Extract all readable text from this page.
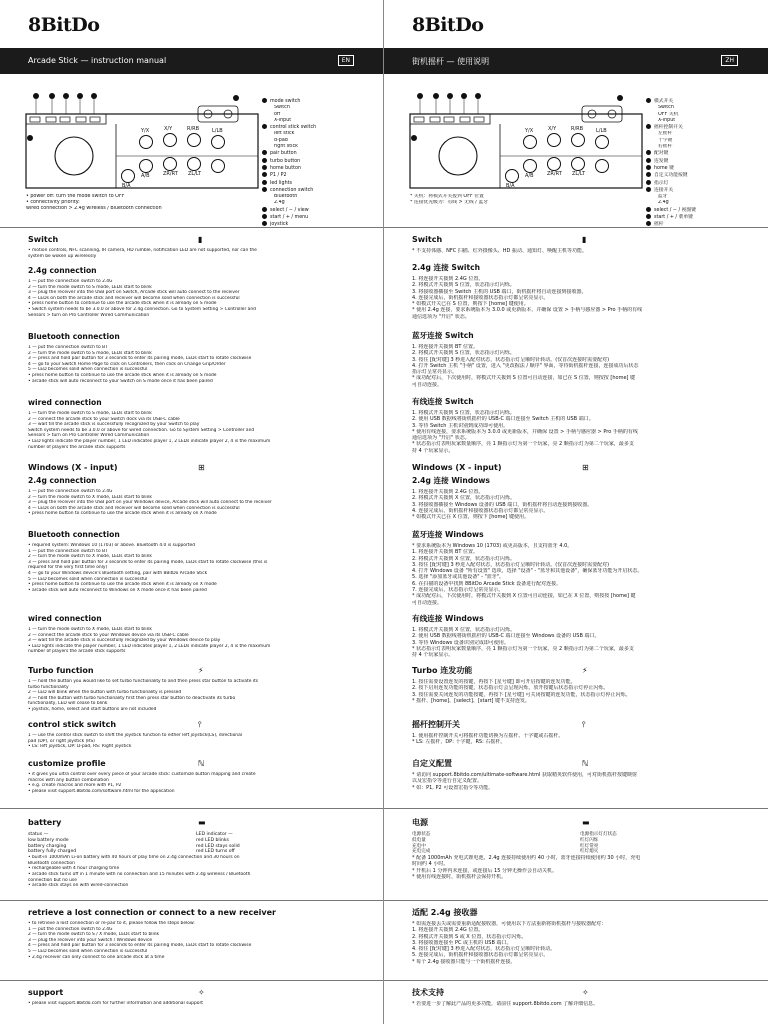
8BitDo
Arcade Stick — instruction manual	EN
Y/X	X/Y	R/RB	L/LB
A/B	ZR/RT ZL/LT
B/A
mode switch
Switch
off
X-input
control stick switch
left stick
d-pad
right stick
pair button
turbo button
home button
P1 / P2
led lights
connection switch
Bluetooth
2.4g
select / − / view
start / + / menu
joystick
• power off: turn the mode switch to OFF
• connectivity priority:
wired connection > 2.4g wireless / Bluetooth connection
Switch	▮
• motion controls, NFC scanning, IR camera, HD rumble, notification LED are not supported, nor can the
system be woken up wirelessly
2.4g connection
1 — put the connection switch to 2.4G
2 — turn the mode switch to S mode, LEDs start to blink
3 — plug the receiver into the USB port on Switch, Arcade stick will auto connect to the receiver
4 — LEDs on both the arcade stick and receiver will become solid when connection is successful
• press home button to continue to use the arcade stick when it is already on S mode
• Switch system needs to be 3.0.0 or above for 2.4g connection. Go to System Setting > Controller and
Sensors > turn on Pro Controller Wired Communication
Bluetooth connection
1 — put the connection switch to BT
2 — turn the mode switch to S mode, LEDs start to blink
3 — press and hold pair button for 3 seconds to enter its pairing mode, LEDs start to rotate clockwise
4 — go to your Switch Home Page to click on Controllers, then click on Change Grip/Order
5 — LED becomes solid when connection is successful
• press home button to continue to use the arcade stick when it is already on S mode
• arcade stick will auto reconnect to your Switch on S mode once it has been paired
wired connection
1 — turn the mode switch to S mode, LEDs start to blink
2 — connect the arcade stick to your Switch dock via its USB-C cable
3 — wait till the arcade stick is successfully recognized by your Switch to play
Switch system needs to be 3.0.0 or above for wired connection. Go to System Setting > Controller and
Sensors > turn on Pro Controller Wired Communication
• LED lights indicate the player number, 1 LED indicates player 1, 2 LEDs indicate player 2, 4 is the maximum
number of players the arcade stick supports
Windows (X - input)	⊞
2.4g connection
1 — put the connection switch to 2.4G
2 — turn the mode switch to X mode, LEDs start to blink
3 — plug the receiver into the USB port on your Windows device, Arcade stick will auto connect to the receiver
4 — LEDs on both the arcade stick and receiver will become solid when connection is successful
• press home button to continue to use the arcade stick when it is already on X mode
Bluetooth connection
• required system: Windows 10 (1703) or above. Bluetooth 4.0 is supported
1 — put the connection switch to BT
2 — turn the mode switch to X mode, LEDs start to blink
3 — press and hold pair button for 3 seconds to enter its pairing mode, LEDs start to rotate clockwise (this is
required for the very first time only)
4 — go to your Windows device's Bluetooth setting, pair with 8BitDo Arcade Stick
5 — LED becomes solid when connection is successful
• press home button to continue to use the arcade stick when it is already on X mode
• arcade stick will auto reconnect to Windows on X mode once it has been paired
wired connection
1 — turn the mode switch to X mode, LEDs start to blink
2 — connect the arcade stick to your Windows device via its USB-C cable
3 — wait till the arcade stick is successfully recognized by your Windows device to play
• LED lights indicate the player number, 1 LED indicates player 1, 2 LEDs indicate player 2, 4 is the maximum
number of players the arcade stick supports
Turbo function	⚡
1 — hold the button you would like to set turbo functionality to and then press star button to activate its
turbo functionality
2 — LED will blink when the button with turbo functionality is pressed
3 — hold the button with turbo functionality first then press star button to deactivate its turbo
functionality, LED will cease to blink
• joystick, home, select and start buttons are not included
control stick switch	⫯
1 — use the control stick switch to shift the joystick function to either left joystick(LS), directional
pad (DP), or right joystick (RS)
• LS: left joystick, DP: D-pad, RS: Right joystick
customize profile	ℕ
• it gives you ultra control over every piece of your arcade stick: customize button mapping and create
macros with any button combination
• e.g. create macros and more with P1, P2
• please visit support.8bitdo.com/software.html for the application
retrieve a lost connection or connect to a new receiver
• to retrieve a lost connection or re-pair to it, please follow the steps below:
1 — put the connection switch to 2.4G
2 — turn the mode switch to S / X mode, LEDs start to blink
3 — plug the receiver into your Switch / Windows device
4 — press and hold pair button for 3 seconds to enter its pairing mode, LEDs start to rotate clockwise
5 — LED becomes solid when connection is successful
• 2.4g receiver can only connect to one arcade stick at a time
support	✧
• please visit support.8bitdo.com for further information and additional support
battery	▬
status —	LED indicator —
low battery mode	red LED blinks
battery charging	red LED stays solid
battery fully charged	red LED turns off
• built-in 1000mAh Li-on battery with 40 hours of play time on 2.4g connection and 30 hours on
Bluetooth connection
• rechargeable with 4 hour charging time
• arcade stick turns off in 1 minute with no connection and 15 minutes with 2.4g wireless / Bluetooth
connection but no use
• arcade stick stays on with wired-connection
8BitDo
街机摇杆 — 使用说明	ZH
Y/X	X/Y	R/RB	L/LB
A/B	ZR/RT ZL/LT
B/A
模式开关
Switch
OFF 关机
X-input
摇杆控制开关
左摇杆
十字键
右摇杆
配对键
连发键
home 键
自定义功能按键
指示灯
连接开关
蓝牙
2.4g
select / − / 视图键
start / + / 菜单键
摇杆
* 关机：将模式开关拨到 OFF 位置
* 连接优先级为：有线 > 无线 / 蓝牙
Switch	▮
* 不支持体感、NFC 扫描、红外摄像头、HD 振动、通知灯、唤醒主机等功能。
2.4g 连接 Switch
1. 将连接开关拨到 2.4G 位置。
2. 将模式开关拨到 S 位置，状态指示灯闪烁。
3. 将接收器插接至 Switch 主机的 USB 端口，街机摇杆将自动连接到接收器。
4. 连接完成后，街机摇杆和接收器状态指示灯都呈常亮显示。
* 如模式开关已在 S 位置，则按下 [home] 键使用。
* 使用 2.4g 连接，要求系统版本为 3.0.0 或更新版本，并确保 设置 > 手柄与感应器 > Pro 手柄的有线
通信选项为 "开启" 状态。
蓝牙连接 Switch
1. 将连接开关拨到 BT 位置。
2. 将模式开关拨到 S 位置，状态指示灯闪烁。
3. 按住 [配对键] 3 秒进入配对状态，状态指示灯呈顺时针转动。(仅首次连接时需要配对)
4. 打开 Switch 主机 "手柄" 设置，进入 "更改握法 / 顺序" 界面，等待街机摇杆连接，连接成功后状态
指示灯呈常亮显示。
* 成功配对后，下次使用时，将模式开关拨到 S 位置可自动连接，如已在 S 位置，则按按 [home] 键
可自动连接。
有线连接 Switch
1. 将模式开关拨到 S 位置，状态指示灯闪烁。
2. 使用 USB 数据线将街机摇杆的 USB-C 端口连接至 Switch 主机的 USB 端口。
3. 等待 Switch 主机识别到成功即可使用。
* 使用有线连接，要求系统版本为 3.0.0 或更新版本，并确保 设置 > 手柄与感应器 > Pro 手柄的有线
通信选项为 "开启" 状态。
* 状态指示灯表明玩家数量顺序，亮 1 颗指示灯为第一个玩家，亮 2 颗指示灯为第二个玩家，最多支
持 4 个玩家显示。
Windows (X - input)	⊞
2.4g 连接 Windows
1. 将连接开关拨到 2.4G 位置。
2. 将模式开关拨到 X 位置，状态指示灯闪烁。
3. 将接收器插接至 Windows 设备的 USB 端口，街机摇杆将自动连接到接收器。
4. 连接完成后，街机摇杆和接收器状态指示灯都呈常亮显示。
* 如模式开关已在 X 位置，则按下 [home] 键使用。
蓝牙连接 Windows
* 要求系统版本为 Windows 10 (1703) 或更高版本，且支持蓝牙 4.0。
1. 将连接开关拨到 BT 位置。
2. 将模式开关拨到 X 位置，状态指示灯闪烁。
3. 按住 [配对键] 3 秒进入配对状态，状态指示灯呈顺时针转动。(仅首次连接时需要配对)
4. 打开 Windows 设备 "所有设置" 选项，选择 "设备" - "蓝牙和其他设备"，确保蓝牙功能为开启状态。
5. 选择 "添加蓝牙或其他设备" - "蓝牙"。
6. 在扫描的设备中找到 8BitDo Arcade Stick 设备进行配对连接。
7. 连接完成后，状态指示灯呈常亮显示。
* 成功配对后，下次使用时，将模式开关拨到 X 位置可自动连接，如已在 X 位置，则按按 [home] 键
可自动连接。
有线连接 Windows
1. 将模式开关拨到 X 位置，状态指示灯闪烁。
2. 使用 USB 数据线将街机摇杆的 USB-C 端口连接至 Windows 设备的 USB 端口。
3. 等待 Windows 设备识别完成即可使用。
* 状态指示灯表明玩家数量顺序，亮 1 颗指示灯为第一个玩家，亮 2 颗指示灯为第二个玩家，最多支
持 4 个玩家显示。
Turbo 连发功能	⚡
1. 按住需要设置连发的按键，再按下 [星号键] 即可开启按键的连发功能。
2. 按下启用连发功能的按键，状态指示灯会呈现闪烁，放开按键后状态指示灯停止闪烁。
3. 按住需要关闭连发的功能按键，再按下 [星号键] 可关闭按键的连发功能，状态指示灯停止闪烁。
* 摇杆、[home]、[select]、[start] 键不支持连发。
摇杆控制开关	⫯
1. 使用摇杆控制开关可将摇杆功能切换为左摇杆、十字键或右摇杆。
* LS: 左摇杆，DP: 十字键，RS: 右摇杆。
自定义配置	ℕ
* 请访问 support.8bitdo.com/ultimate-software.html 获取精英软件使用，可对街机摇杆按键映射
以及宏指令等进行自定义配置。
* 如：P1, P2 可设置宏指令等功能。
适配 2.4g 接收器
* 如需连接丢失或需要重新适配接收器，可使用以下方法重新将街机摇杆与接收器配对：
1. 将连接开关拨到 2.4G 位置。
2. 将模式开关拨到 S 或 X 位置，状态指示灯闪烁。
3. 将接收器连接至 PC 或主机的 USB 端口。
4. 按住 [配对键] 3 秒进入配对状态，状态指示灯呈顺时针转动。
5. 连接完成后，街机摇杆和接收器状态指示灯都呈常亮显示。
* 每个 2.4g 接收器只能与一个街机摇杆连接。
技术支持	✧
* 若要进一步了解此产品的更多功能，请前往 support.8bitdo.com 了解详细信息。
电源	▬
电源状态	电源指示灯灯状态
低电量	红灯闪烁
充电中	红灯常亮
充电完成	红灯熄灭
* 配备 1000mAh 充电式锂电池，2.4g 连接持续使用约 40 小时，蓝牙连接持续使用约 30 小时，充电
时间约 4 小时。
* 开机后 1 分钟内未连接，或连接后 15 分钟无操作会自动关机。
* 使用有线连接时，街机摇杆会保持开机。
